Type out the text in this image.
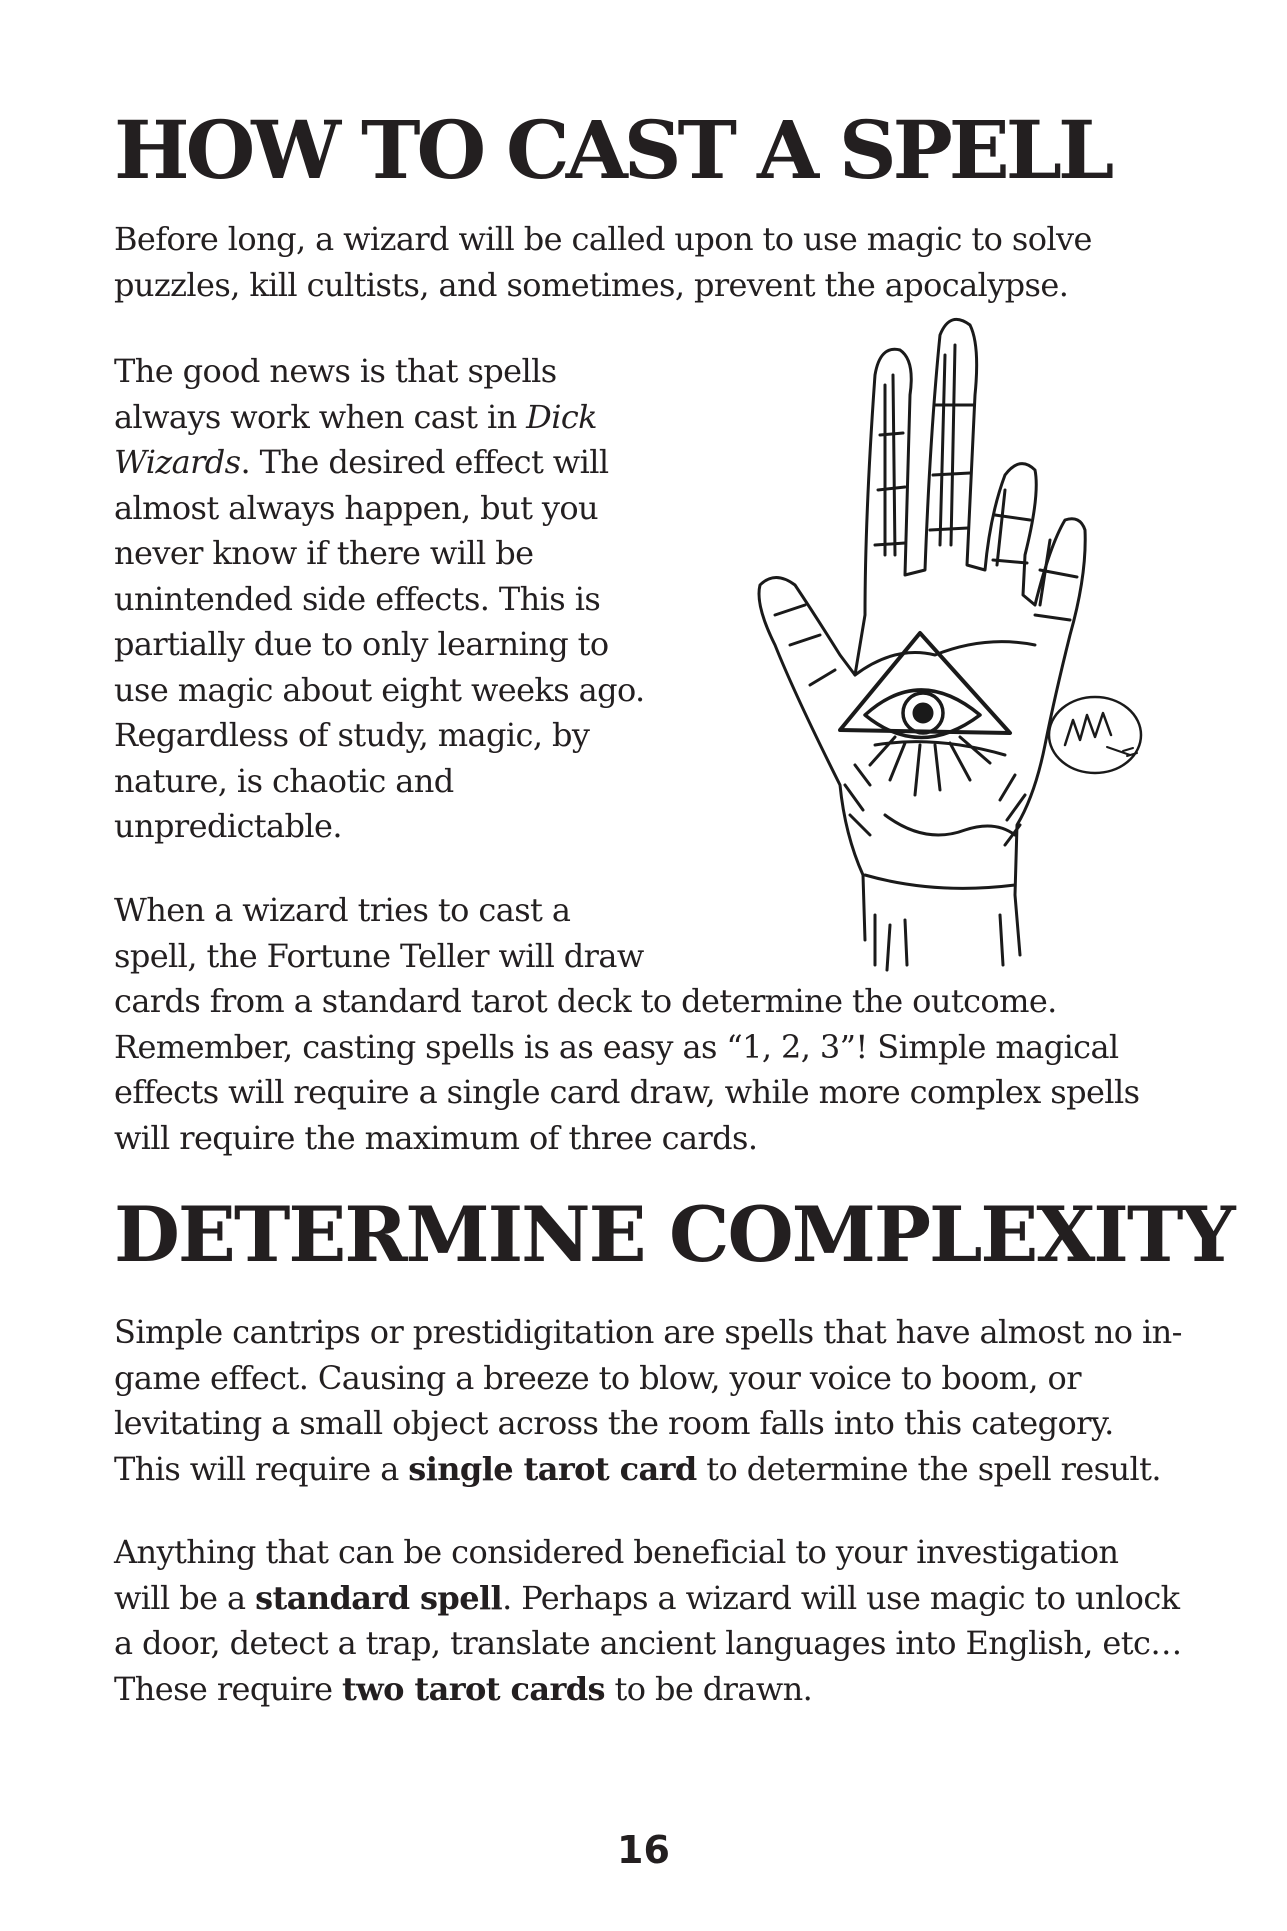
HOW TO CAST A SPELL

Before long, a wizard will be called upon to use magic to solve
puzzles, kill cultists, and sometimes, prevent the apocalypse.

The good news is that spells
always work when cast in Dick
Wizards. The desired effect will
almost always happen, but you
never know if there will be
unintended side effects. This is
partially due to only learning to
use magic about eight weeks ago.
Regardless of study, magic, by
nature, is chaotic and
unpredictable.

When a wizard tries to cast a
spell, the Fortune Teller will draw
cards from a standard tarot deck to determine the outcome.
Remember, casting spells is as easy as “1, 2, 3”! Simple magical
effects will require a single card draw, while more complex spells
will require the maximum of three cards.

DETERMINE COMPLEXITY

Simple cantrips or prestidigitation are spells that have almost no in-
game effect. Causing a breeze to blow, your voice to boom, or
levitating a small object across the room falls into this category.
This will require a single tarot card to determine the spell result.

Anything that can be considered beneficial to your investigation
will be a standard spell. Perhaps a wizard will use magic to unlock
a door, detect a trap, translate ancient languages into English, etc…
These require two tarot cards to be drawn.

16
